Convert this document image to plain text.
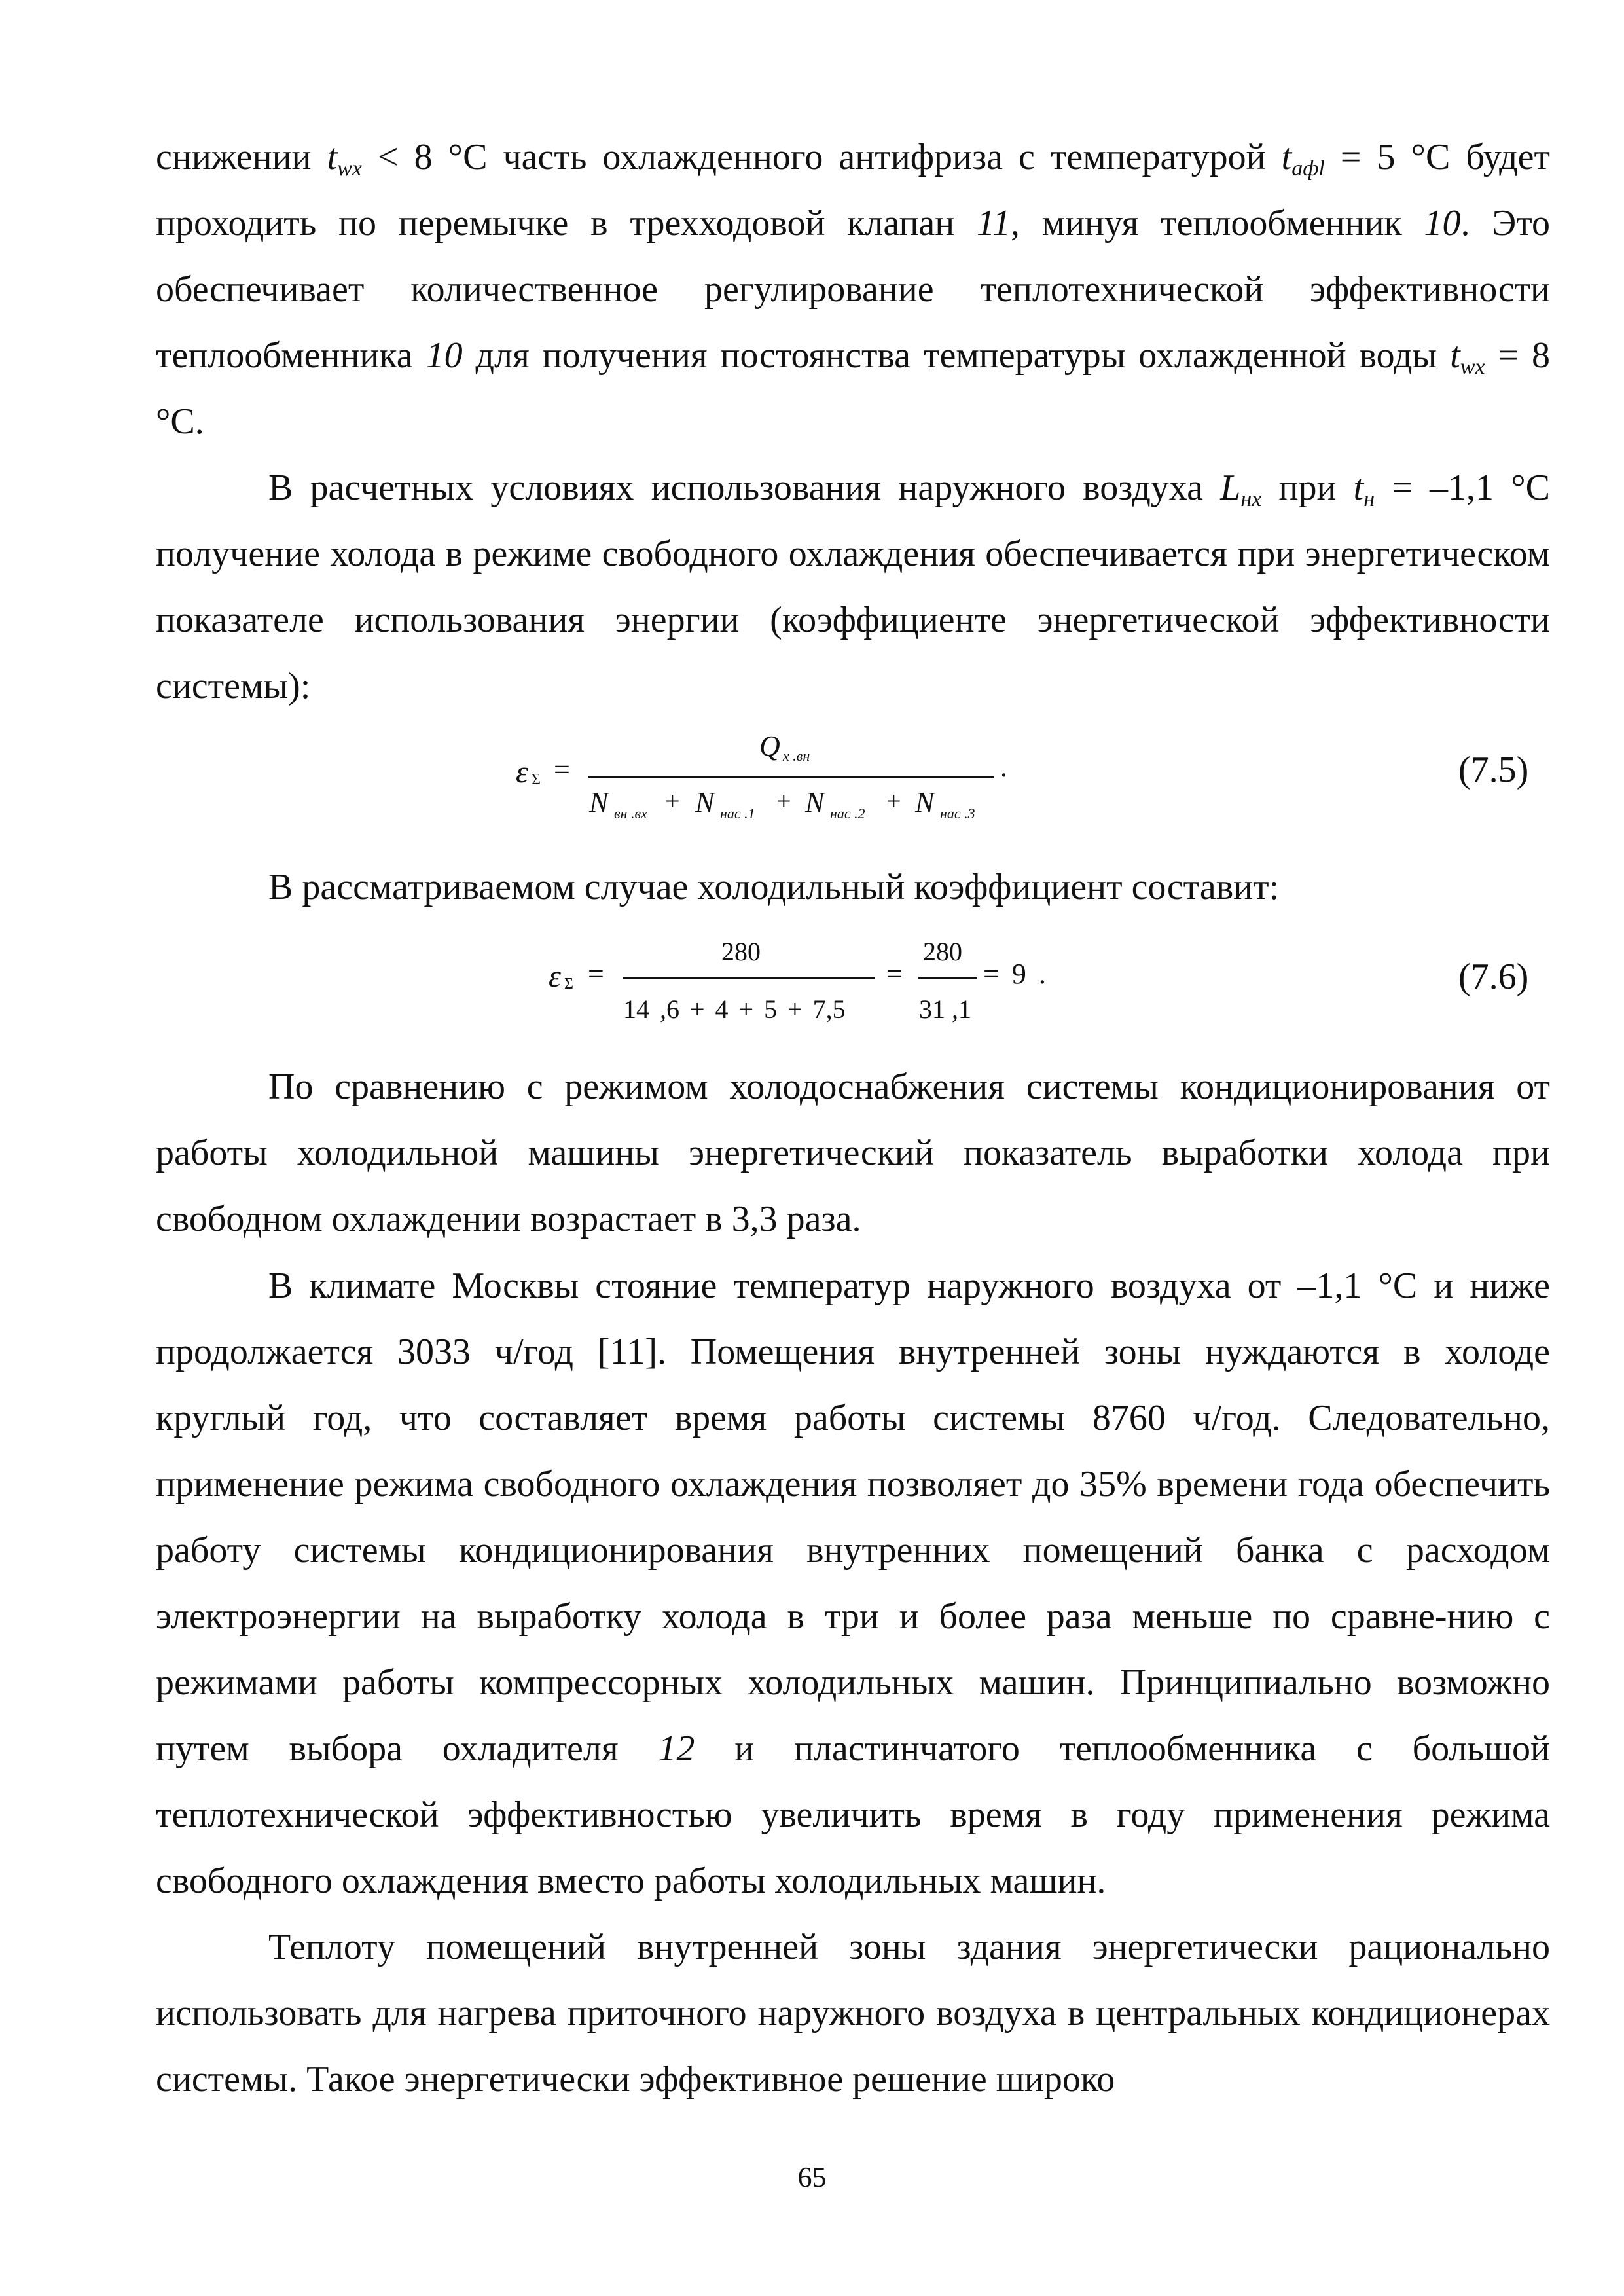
снижении $t_{wx} < 8$ °С часть охлажденного антифриза с температурой $t_{афl} = 5$ °С будет проходить по перемычке в трехходовой клапан 11, минуя теплообменник 10. Это обеспечивает количественное регулирование теплотехнической эффективности теплообменника 10 для получения постоянства температуры охлажденной воды $t_{wx} = 8$ °С.

В расчетных условиях использования наружного воздуха $L_{нх}$ при $t_н = -1,1$ °С получение холода в режиме свободного охлаждения обеспечивается при энергетическом показателе использования энергии (коэффициенте энергетической эффективности системы):

ε Σ =
Q х .вн	.
N вн .вх + N нас .1 + N нас .2 + N нас .3
(7.5)

В рассматриваемом случае холодильный коэффициент составит:

ε Σ =
280
14 ,6 + 4 + 5 + 7,5
=
280
31 ,1
= 9 .	(7.6)

По сравнению с режимом холодоснабжения системы кондиционирования от работы холодильной машины энергетический показатель выработки холода при свободном охлаждении возрастает в 3,3 раза.

В климате Москвы стояние температур наружного воздуха от –1,1 °С и ниже продолжается 3033 ч/год [11]. Помещения внутренней зоны нуждаются в холоде круглый год, что составляет время работы системы 8760 ч/год. Следовательно, применение режима свободного охлаждения позволяет до 35% времени года обеспечить работу системы кондиционирования внутренних помещений банка с расходом электроэнергии на выработку холода в три и более раза меньше по сравне-нию с режимами работы компрессорных холодильных машин. Принципиально возможно путем выбора охладителя 12 и пластинчатого теплообменника с большой теплотехнической эффективностью увеличить время в году применения режима свободного охлаждения вместо работы холодильных машин.

Теплоту помещений внутренней зоны здания энергетически рационально использовать для нагрева приточного наружного воздуха в центральных кондиционерах системы. Такое энергетически эффективное решение широко

65
